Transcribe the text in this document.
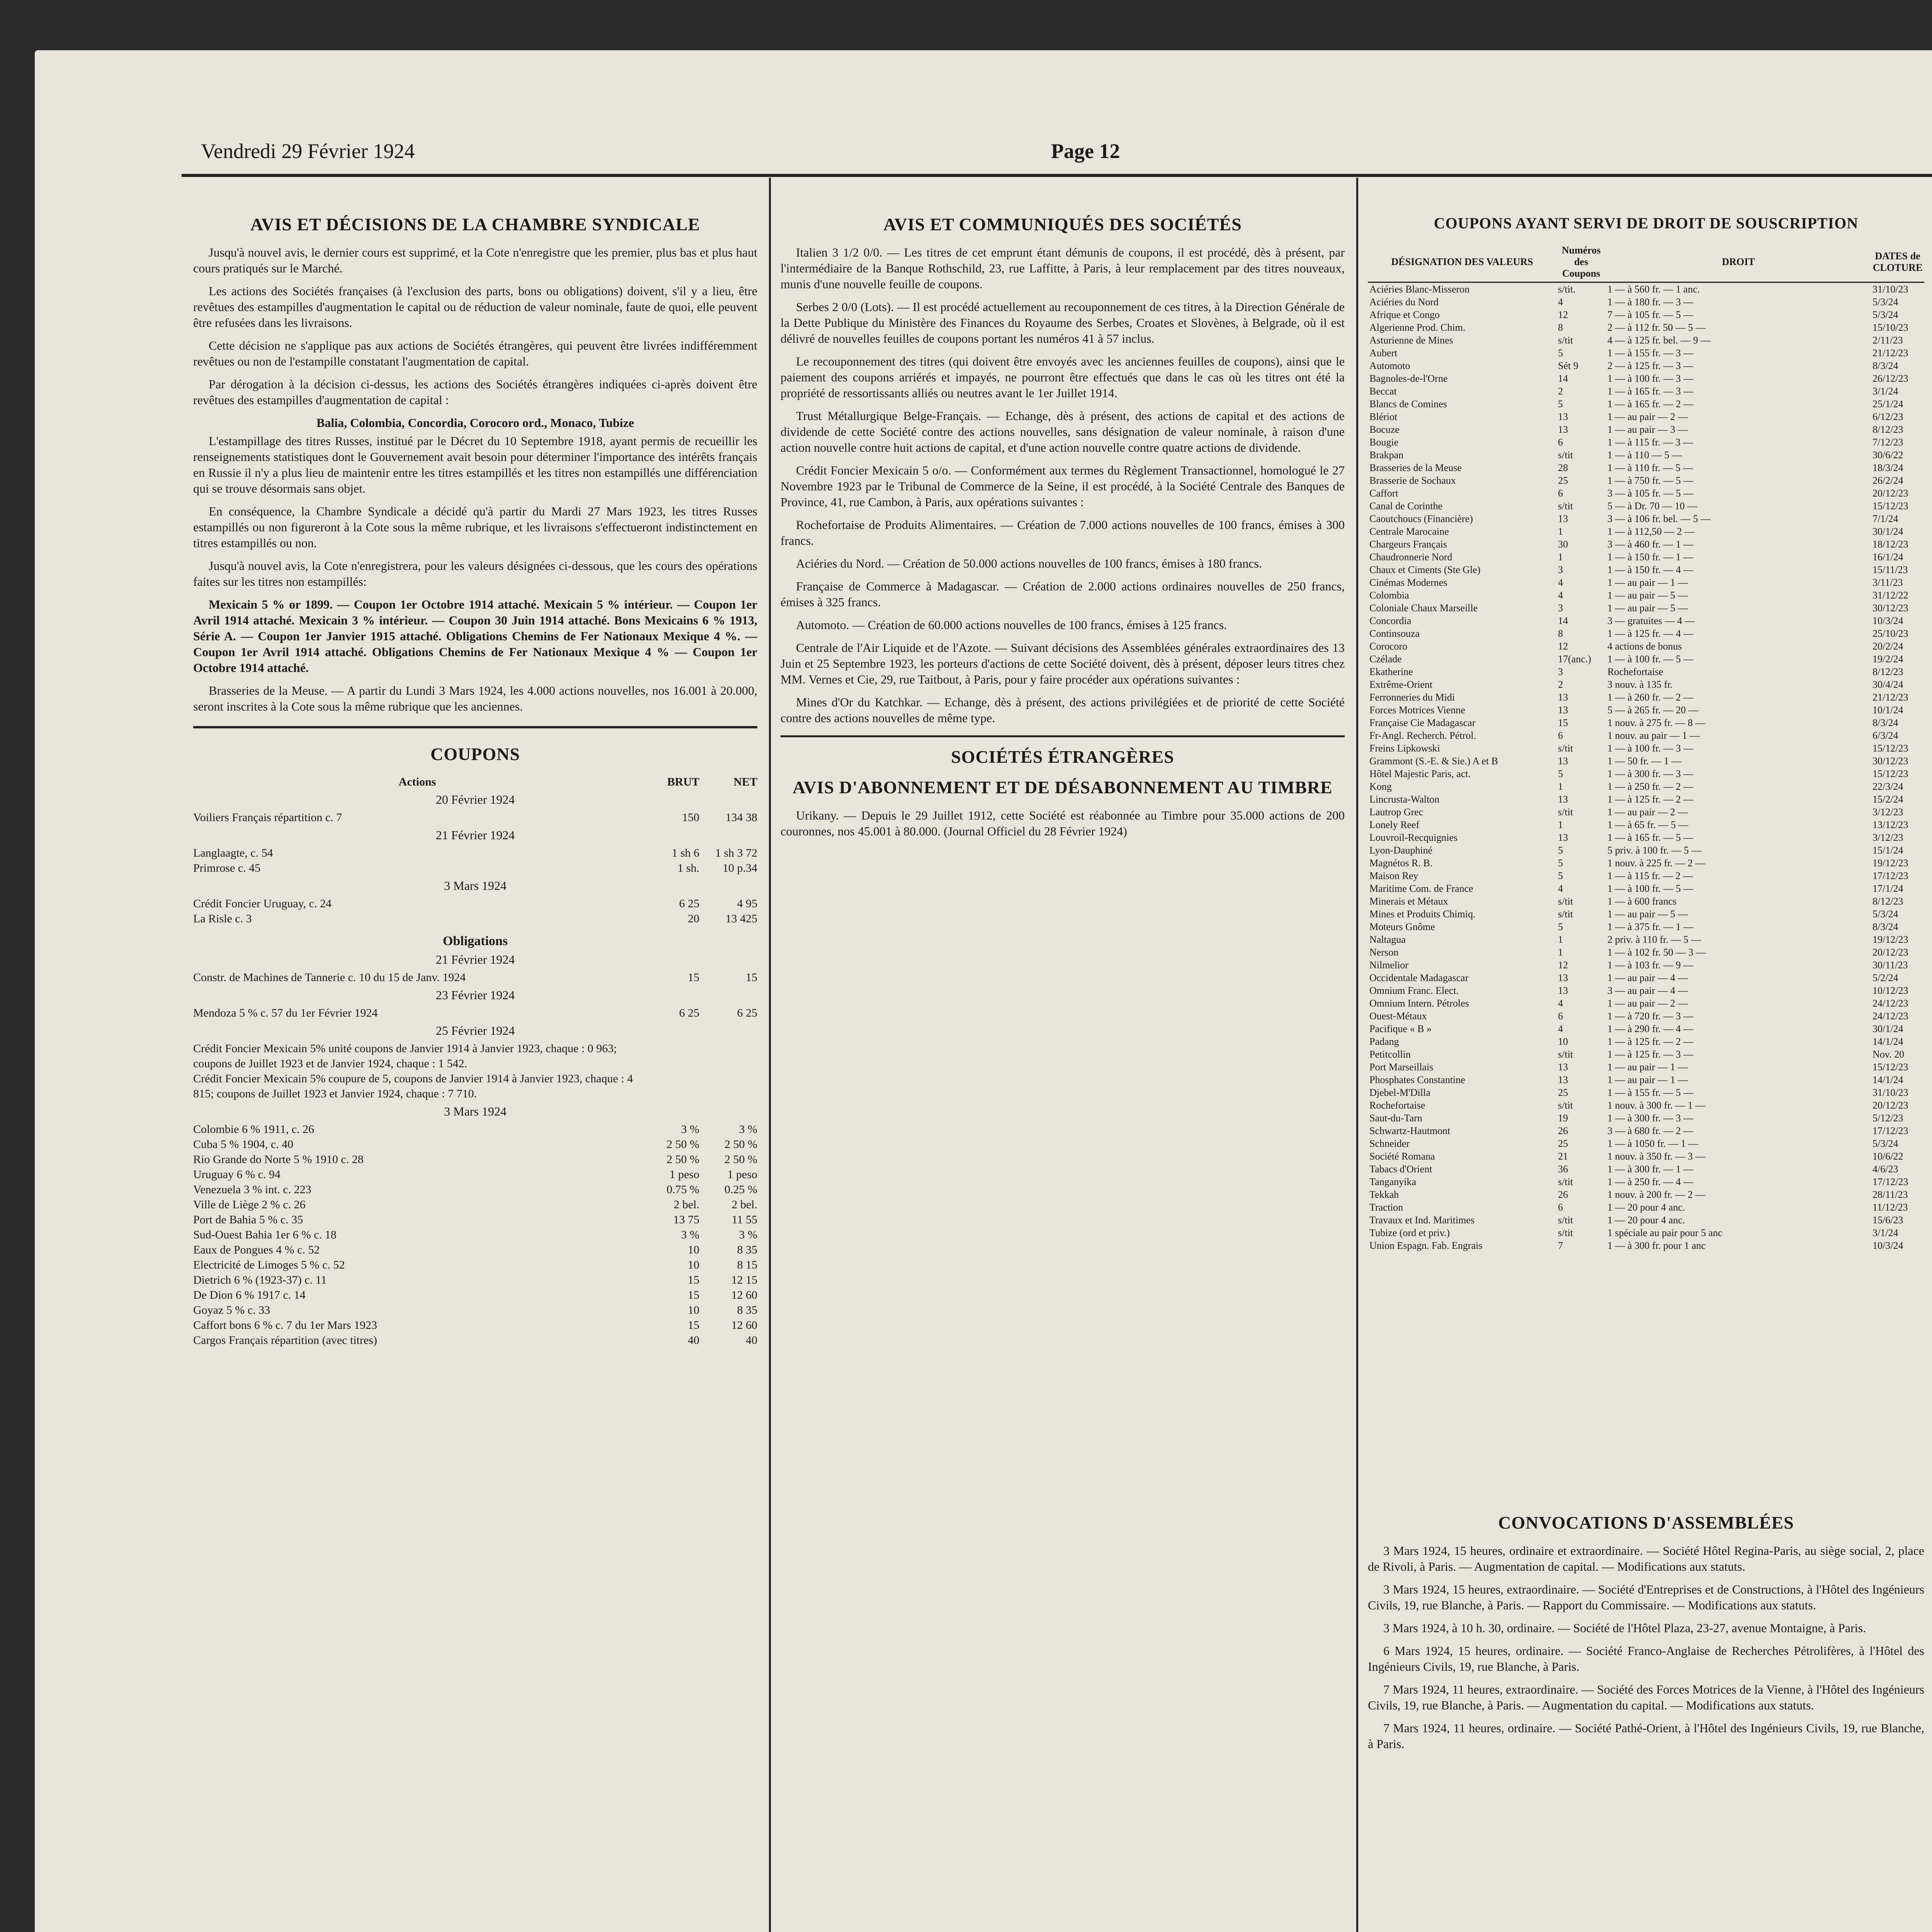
Vendredi 29 Février 1924	Page 12
AVIS ET DÉCISIONS DE LA CHAMBRE SYNDICALE

Jusqu'à nouvel avis, le dernier cours est supprimé, et la Cote n'enregistre que les premier, plus bas et plus haut cours pratiqués sur le Marché.

Les actions des Sociétés françaises (à l'exclusion des parts, bons ou obligations) doivent, s'il y a lieu, être revêtues des estampilles d'augmentation le capital ou de réduction de valeur nominale, faute de quoi, elle peuvent être refusées dans les livraisons.

Cette décision ne s'applique pas aux actions de Sociétés étrangères, qui peuvent être livrées indifféremment revêtues ou non de l'estampille constatant l'augmentation de capital.

Par dérogation à la décision ci-dessus, les actions des Sociétés étrangères indiquées ci-après doivent être revêtues des estampilles d'augmentation de capital :

Balia, Colombia, Concordia, Corocoro ord., Monaco, Tubize

L'estampillage des titres Russes, institué par le Décret du 10 Septembre 1918, ayant permis de recueillir les renseignements statistiques dont le Gouvernement avait besoin pour déterminer l'importance des intérêts français en Russie il n'y a plus lieu de maintenir entre les titres estampillés et les titres non estampillés une différenciation qui se trouve désormais sans objet.

En conséquence, la Chambre Syndicale a décidé qu'à partir du Mardi 27 Mars 1923, les titres Russes estampillés ou non figureront à la Cote sous la même rubrique, et les livraisons s'effectueront indistinctement en titres estampillés ou non.

Jusqu'à nouvel avis, la Cote n'enregistrera, pour les valeurs désignées ci-dessous, que les cours des opérations faites sur les titres non estampillés:

Mexicain 5 % or 1899. — Coupon 1er Octobre 1914 attaché. Mexicain 5 % intérieur. — Coupon 1er Avril 1914 attaché. Mexicain 3 % intérieur. — Coupon 30 Juin 1914 attaché. Bons Mexicains 6 % 1913, Série A. — Coupon 1er Janvier 1915 attaché. Obligations Chemins de Fer Nationaux Mexique 4 %. — Coupon 1er Avril 1914 attaché. Obligations Chemins de Fer Nationaux Mexique 4 % — Coupon 1er Octobre 1914 attaché.

Brasseries de la Meuse. — A partir du Lundi 3 Mars 1924, les 4.000 actions nouvelles, nos 16.001 à 20.000, seront inscrites à la Cote sous la même rubrique que les anciennes.

COUPONS
Actions	BRUT	NET
20 Février 1924
Voiliers Français répartition c. 7	150	134 38
21 Février 1924
Langlaagte, c. 54	1 sh 6	1 sh 3 72
Primrose c. 45	1 sh.	10 p.34
3 Mars 1924
Crédit Foncier Uruguay, c. 24	6 25	4 95
La Risle c. 3	20	13 425
Obligations
21 Février 1924
Constr. de Machines de Tannerie c. 10 du 15 de Janv. 1924	15	15
23 Février 1924
Mendoza 5 % c. 57 du 1er Février 1924	6 25	6 25
25 Février 1924
Crédit Foncier Mexicain 5% unité coupons de Janvier 1914 à Janvier 1923, chaque : 0 963; coupons de Juillet 1923 et de Janvier 1924, chaque : 1 542.
Crédit Foncier Mexicain 5% coupure de 5, coupons de Janvier 1914 à Janvier 1923, chaque : 4 815; coupons de Juillet 1923 et Janvier 1924, chaque : 7 710.
3 Mars 1924
Colombie 6 % 1911, c. 26	3 %	3 %
Cuba 5 % 1904, c. 40	2 50 %	2 50 %
Rio Grande do Norte 5 % 1910 c. 28	2 50 %	2 50 %
Uruguay 6 % c. 94	1 peso	1 peso
Venezuela 3 % int. c. 223	0.75 %	0.25 %
Ville de Liège 2 % c. 26	2 bel.	2 bel.
Port de Bahia 5 % c. 35	13 75	11 55
Sud-Ouest Bahia 1er 6 % c. 18	3 %	3 %
Eaux de Pongues 4 % c. 52	10	8 35
Electricité de Limoges 5 % c. 52	10	8 15
Dietrich 6 % (1923-37) c. 11	15	12 15
De Dion 6 % 1917 c. 14	15	12 60
Goyaz 5 % c. 33	10	8 35
Caffort bons 6 % c. 7 du 1er Mars 1923	15	12 60
Cargos Français répartition (avec titres)	40	40
AVIS ET COMMUNIQUÉS DES SOCIÉTÉS

Italien 3 1/2 0/0. — Les titres de cet emprunt étant démunis de coupons, il est procédé, dès à présent, par l'intermédiaire de la Banque Rothschild, 23, rue Laffitte, à Paris, à leur remplacement par des titres nouveaux, munis d'une nouvelle feuille de coupons.

Serbes 2 0/0 (Lots). — Il est procédé actuellement au recouponnement de ces titres, à la Direction Générale de la Dette Publique du Ministère des Finances du Royaume des Serbes, Croates et Slovènes, à Belgrade, où il est délivré de nouvelles feuilles de coupons portant les numéros 41 à 57 inclus.

Le recouponnement des titres (qui doivent être envoyés avec les anciennes feuilles de coupons), ainsi que le paiement des coupons arriérés et impayés, ne pourront être effectués que dans le cas où les titres ont été la propriété de ressortissants alliés ou neutres avant le 1er Juillet 1914.

Trust Métallurgique Belge-Français. — Echange, dès à présent, des actions de capital et des actions de dividende de cette Société contre des actions nouvelles, sans désignation de valeur nominale, à raison d'une action nouvelle contre huit actions de capital, et d'une action nouvelle contre quatre actions de dividende.

Crédit Foncier Mexicain 5 o/o. — Conformément aux termes du Règlement Transactionnel, homologué le 27 Novembre 1923 par le Tribunal de Commerce de la Seine, il est procédé, à la Société Centrale des Banques de Province, 41, rue Cambon, à Paris, aux opérations suivantes :

Rochefortaise de Produits Alimentaires. — Création de 7.000 actions nouvelles de 100 francs, émises à 300 francs.

Aciéries du Nord. — Création de 50.000 actions nouvelles de 100 francs, émises à 180 francs.

Française de Commerce à Madagascar. — Création de 2.000 actions ordinaires nouvelles de 250 francs, émises à 325 francs.

Automoto. — Création de 60.000 actions nouvelles de 100 francs, émises à 125 francs.

Centrale de l'Air Liquide et de l'Azote. — Suivant décisions des Assemblées générales extraordinaires des 13 Juin et 25 Septembre 1923, les porteurs d'actions de cette Société doivent, dès à présent, déposer leurs titres chez MM. Vernes et Cie, 29, rue Taitbout, à Paris, pour y faire procéder aux opérations suivantes :

Mines d'Or du Katchkar. — Echange, dès à présent, des actions privilégiées et de priorité de cette Société contre des actions nouvelles de même type.

SOCIÉTÉS ÉTRANGÈRES
AVIS D'ABONNEMENT ET DE DÉSABONNEMENT AU TIMBRE

Urikany. — Depuis le 29 Juillet 1912, cette Société est réabonnée au Timbre pour 35.000 actions de 200 couronnes, nos 45.001 à 80.000. (Journal Officiel du 28 Février 1924)

COUPONS AYANT SERVI DE DROIT DE SOUSCRIPTION
DÉSIGNATION DES VALEURS	Numéros des Coupons	DROIT	DATES de CLOTURE
Aciéries Blanc-Misseron	s/tit.	1 — à 560 fr. — 1 anc.	31/10/23
Aciéries du Nord	4	1 — à 180 fr. — 3 —	5/3/24
Afrique et Congo	12	7 — à 105 fr. — 5 —	5/3/24
Algerienne Prod. Chim.	8	2 — à 112 fr. 50 — 5 —	15/10/23
Asturienne de Mines	s/tit	4 — à 125 fr. bel. — 9 —	2/11/23
Aubert	5	1 — à 155 fr. — 3 —	21/12/23
Automoto	Sét 9	2 — à 125 fr. — 3 —	8/3/24
Bagnoles-de-l'Orne	14	1 — à 100 fr. — 3 —	26/12/23
Beccat	2	1 — à 165 fr. — 3 —	3/1/24
Blancs de Comines	5	1 — à 165 fr. — 2 —	25/1/24
Blériot	13	1 — au pair — 2 —	6/12/23
Bocuze	13	1 — au pair — 3 —	8/12/23
Bougie	6	1 — à 115 fr. — 3 —	7/12/23
Brakpan	s/tit	1 — à 110 — 5 —	30/6/22
Brasseries de la Meuse	28	1 — à 110 fr. — 5 —	18/3/24
Brasserie de Sochaux	25	1 — à 750 fr. — 5 —	26/2/24
Caffort	6	3 — à 105 fr. — 5 —	20/12/23
Canal de Corinthe	s/tit	5 — à Dr. 70 — 10 —	15/12/23
Caoutchoucs (Financière)	13	3 — à 106 fr. bel. — 5 —	7/1/24
Centrale Marocaine	1	1 — à 112,50 — 2 —	30/1/24
Chargeurs Français	30	3 — à 460 fr. — 1 —	18/12/23
Chaudronnerie Nord	1	1 — à 150 fr. — 1 —	16/1/24
Chaux et Ciments (Ste Gle)	3	1 — à 150 fr. — 4 —	15/11/23
Cinémas Modernes	4	1 — au pair — 1 —	3/11/23
Colombia	4	1 — au pair — 5 —	31/12/22
Coloniale Chaux Marseille	3	1 — au pair — 5 —	30/12/23
Concordia	14	3 — gratuites — 4 —	10/3/24
Continsouza	8	1 — à 125 fr. — 4 —	25/10/23
Corocoro	12	4 actions de bonus	20/2/24
Czélade	17(anc.)	1 — à 100 fr. — 5 —	19/2/24
Ekatherine	3	Rochefortaise	8/12/23
Extrême-Orient	2	3 nouv. à 135 fr.	30/4/24
Ferronneries du Midi	13	1 — à 260 fr. — 2 —	21/12/23
Forces Motrices Vienne	13	5 — à 265 fr. — 20 —	10/1/24
Française Cie Madagascar	15	1 nouv. à 275 fr. — 8 —	8/3/24
Fr-Angl. Recherch. Pétrol.	6	1 nouv. au pair — 1 —	6/3/24
Freins Lipkowski	s/tit	1 — à 100 fr. — 3 —	15/12/23
Grammont (S.-E. & Sie.) A et B	13	1 — 50 fr. — 1 —	30/12/23
Hôtel Majestic Paris, act.	5	1 — à 300 fr. — 3 —	15/12/23
Kong	1	1 — à 250 fr. — 2 —	22/3/24
Lincrusta-Walton	13	1 — à 125 fr. — 2 —	15/2/24
Lautrop Grec	s/tit	1 — au pair — 2 —	3/12/23
Lonely Reef	1	1 — à 65 fr. — 5 —	13/12/23
Louvroil-Recquignies	13	1 — à 165 fr. — 5 —	3/12/23
Lyon-Dauphiné	5	5 priv. à 100 fr. — 5 —	15/1/24
Magnétos R. B.	5	1 nouv. à 225 fr. — 2 —	19/12/23
Maison Rey	5	1 — à 115 fr. — 2 —	17/12/23
Maritime Com. de France	4	1 — à 100 fr. — 5 —	17/1/24
Minerais et Métaux	s/tit	1 — à 600 francs	8/12/23
Mines et Produits Chimiq.	s/tit	1 — au pair — 5 —	5/3/24
Moteurs Gnôme	5	1 — à 375 fr. — 1 —	8/3/24
Naltagua	1	2 priv. à 110 fr. — 5 —	19/12/23
Nerson	1	1 — à 102 fr. 50 — 3 —	20/12/23
Nilmelior	12	1 — à 103 fr. — 9 —	30/11/23
Occidentale Madagascar	13	1 — au pair — 4 —	5/2/24
Omnium Franc. Elect.	13	3 — au pair — 4 —	10/12/23
Omnium Intern. Pétroles	4	1 — au pair — 2 —	24/12/23
Ouest-Métaux	6	1 — à 720 fr. — 3 —	24/12/23
Pacifique « B »	4	1 — à 290 fr. — 4 —	30/1/24
Padang	10	1 — à 125 fr. — 2 —	14/1/24
Petitcollin	s/tit	1 — à 125 fr. — 3 —	Nov. 20
Port Marseillais	13	1 — au pair — 1 —	15/12/23
Phosphates Constantine	13	1 — au pair — 1 —	14/1/24
Djebel-M'Dilla	25	1 — à 155 fr. — 5 —	31/10/23
Rochefortaise	s/tit	1 nouv. à 300 fr. — 1 —	20/12/23
Saut-du-Tarn	19	1 — à 300 fr. — 3 —	5/12/23
Schwartz-Hautmont	26	3 — à 680 fr. — 2 —	17/12/23
Schneider	25	1 — à 1050 fr. — 1 —	5/3/24
Société Romana	21	1 nouv. à 350 fr. — 3 —	10/6/22
Tabacs d'Orient	36	1 — à 300 fr. — 1 —	4/6/23
Tanganyika	s/tit	1 — à 250 fr. — 4 —	17/12/23
Tekkah	26	1 nouv. à 200 fr. — 2 —	28/11/23
Traction	6	1 — 20 pour 4 anc.	11/12/23
Travaux et Ind. Maritimes	s/tit	1 — 20 pour 4 anc.	15/6/23
Tubize (ord et priv.)	s/tit	1 spéciale au pair pour 5 anc	3/1/24
Union Espagn. Fab. Engrais	7	1 — à 300 fr. pour 1 anc	10/3/24
CONVOCATIONS D'ASSEMBLÉES

3 Mars 1924, 15 heures, ordinaire et extraordinaire. — Société Hôtel Regina-Paris, au siège social, 2, place de Rivoli, à Paris. — Augmentation de capital. — Modifications aux statuts.

3 Mars 1924, 15 heures, extraordinaire. — Société d'Entreprises et de Constructions, à l'Hôtel des Ingénieurs Civils, 19, rue Blanche, à Paris. — Rapport du Commissaire. — Modifications aux statuts.

3 Mars 1924, à 10 h. 30, ordinaire. — Société de l'Hôtel Plaza, 23-27, avenue Montaigne, à Paris.

6 Mars 1924, 15 heures, ordinaire. — Société Franco-Anglaise de Recherches Pétrolifères, à l'Hôtel des Ingénieurs Civils, 19, rue Blanche, à Paris.

7 Mars 1924, 11 heures, extraordinaire. — Société des Forces Motrices de la Vienne, à l'Hôtel des Ingénieurs Civils, 19, rue Blanche, à Paris. — Augmentation du capital. — Modifications aux statuts.

7 Mars 1924, 11 heures, ordinaire. — Société Pathé-Orient, à l'Hôtel des Ingénieurs Civils, 19, rue Blanche, à Paris.
